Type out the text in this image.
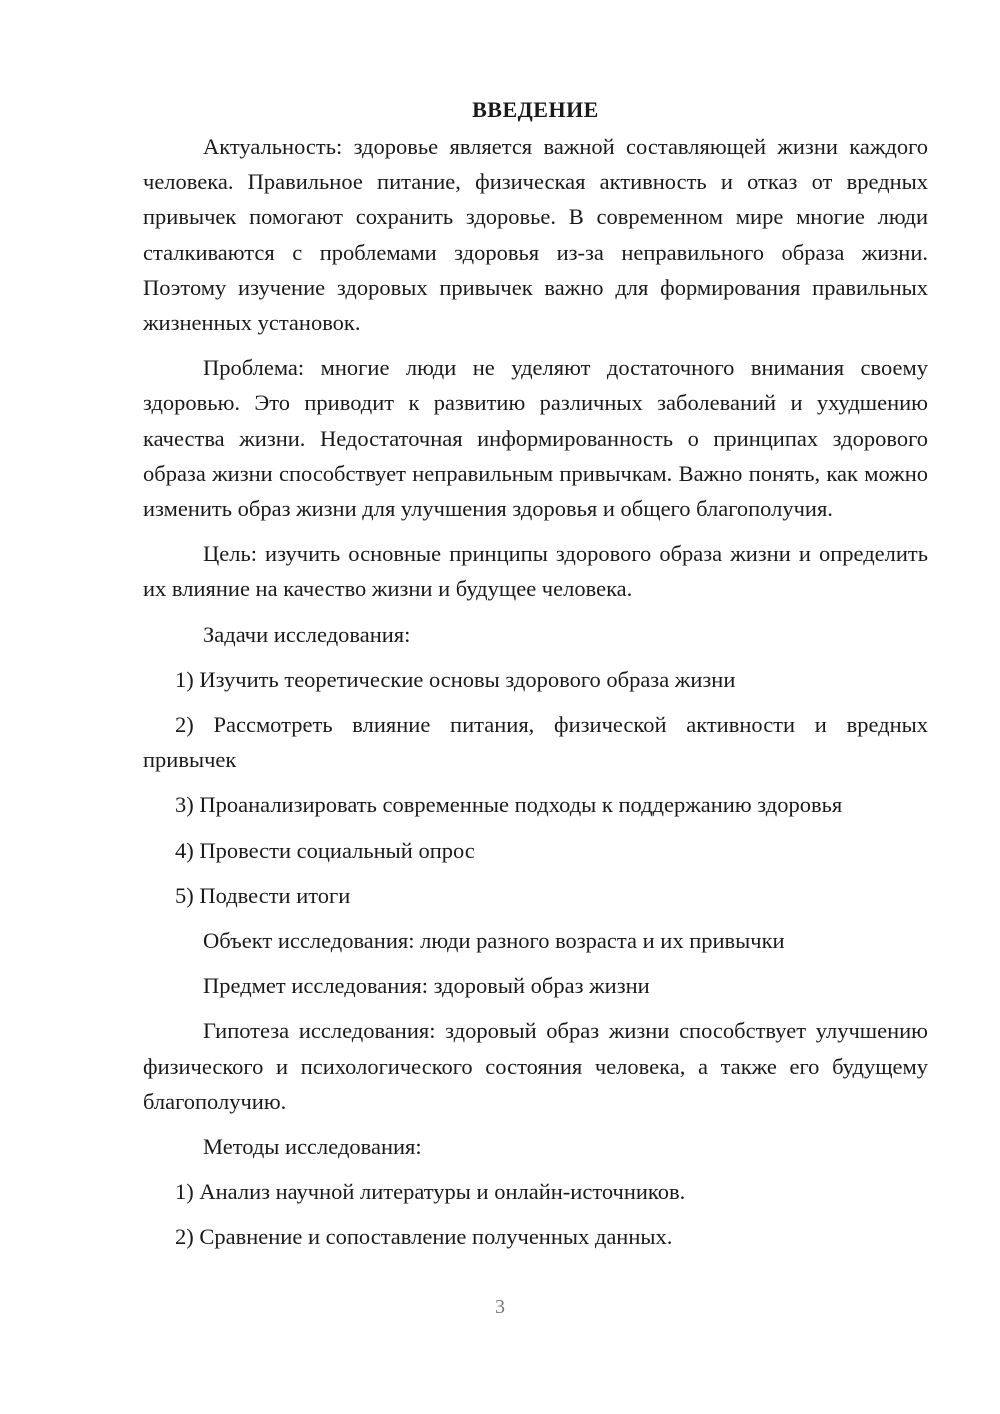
ВВЕДЕНИЕ

Актуальность: здоровье является важной составляющей жизни каждого человека. Правильное питание, физическая активность и отказ от вредных привычек помогают сохранить здоровье. В современном мире многие люди сталкиваются с проблемами здоровья из-за неправильного образа жизни. Поэтому изучение здоровых привычек важно для формирования правильных жизненных установок.

Проблема: многие люди не уделяют достаточного внимания своему здоровью. Это приводит к развитию различных заболеваний и ухудшению качества жизни. Недостаточная информированность о принципах здорового образа жизни способствует неправильным привычкам. Важно понять, как можно изменить образ жизни для улучшения здоровья и общего благополучия.

Цель: изучить основные принципы здорового образа жизни и определить их влияние на качество жизни и будущее человека.

Задачи исследования:

1) Изучить теоретические основы здорового образа жизни

2) Рассмотреть влияние питания, физической активности и вредных привычек

3) Проанализировать современные подходы к поддержанию здоровья

4) Провести социальный опрос

5) Подвести итоги

Объект исследования: люди разного возраста и их привычки

Предмет исследования: здоровый образ жизни

Гипотеза исследования: здоровый образ жизни способствует улучшению физического и психологического состояния человека, а также его будущему благополучию.

Методы исследования:

1) Анализ научной литературы и онлайн-источников.

2) Сравнение и сопоставление полученных данных.

3
